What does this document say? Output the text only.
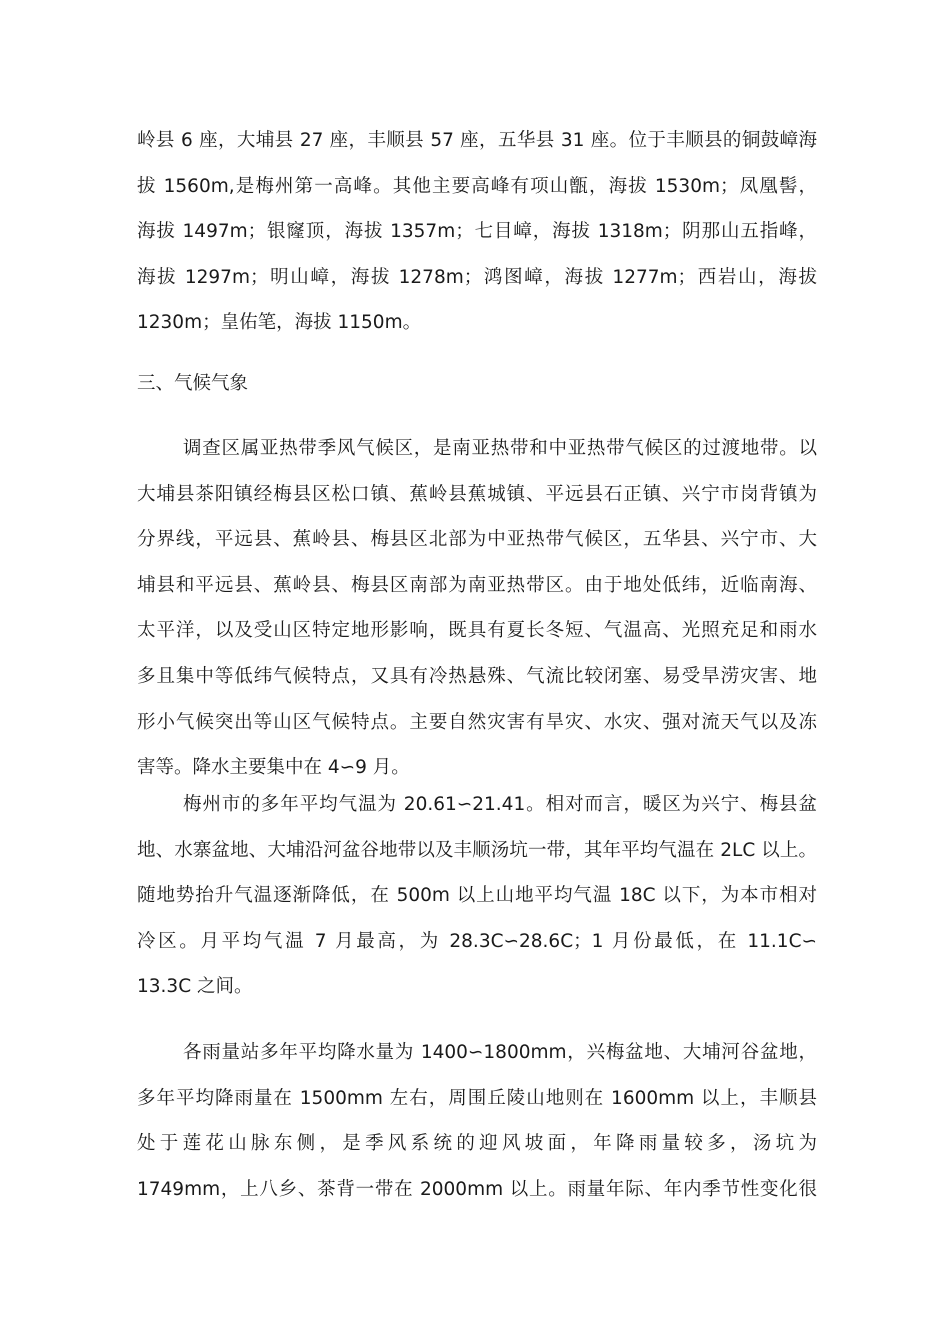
岭县 6 座，大埔县 27 座，丰顺县 57 座，五华县 31 座。位于丰顺县的铜鼓嶂海
拔 1560m,是梅州第一高峰。其他主要高峰有项山甑，海拔 1530m；凤凰髻，
海拔 1497m；银窿顶，海拔 1357m；七目嶂，海拔 1318m；阴那山五指峰，
海拔 1297m；明山嶂，海拔 1278m；鸿图嶂，海拔 1277m；西岩山，海拔
1230m；皇佑笔，海拔 1150m。
三、气候气象
调查区属亚热带季风气候区，是南亚热带和中亚热带气候区的过渡地带。以
大埔县茶阳镇经梅县区松口镇、蕉岭县蕉城镇、平远县石正镇、兴宁市岗背镇为
分界线，平远县、蕉岭县、梅县区北部为中亚热带气候区，五华县、兴宁市、大
埔县和平远县、蕉岭县、梅县区南部为南亚热带区。由于地处低纬，近临南海、
太平洋，以及受山区特定地形影响，既具有夏长冬短、气温高、光照充足和雨水
多且集中等低纬气候特点，又具有冷热悬殊、气流比较闭塞、易受旱涝灾害、地
形小气候突出等山区气候特点。主要自然灾害有旱灾、水灾、强对流天气以及冻
害等。降水主要集中在 4∽9 月。
梅州市的多年平均气温为 20.61∽21.41。相对而言，暖区为兴宁、梅县盆
地、水寨盆地、大埔沿河盆谷地带以及丰顺汤坑一带，其年平均气温在 2LC 以上。
随地势抬升气温逐渐降低，在 500m 以上山地平均气温 18C 以下，为本市相对
冷区。月平均气温 7 月最高，为 28.3C∽28.6C；1 月份最低，在 11.1C∽
13.3C 之间。
各雨量站多年平均降水量为 1400∽1800mm，兴梅盆地、大埔河谷盆地，
多年平均降雨量在 1500mm 左右，周围丘陵山地则在 1600mm 以上，丰顺县
处于莲花山脉东侧，是季风系统的迎风坡面，年降雨量较多，汤坑为
1749mm，上八乡、茶背一带在 2000mm 以上。雨量年际、年内季节性变化很
